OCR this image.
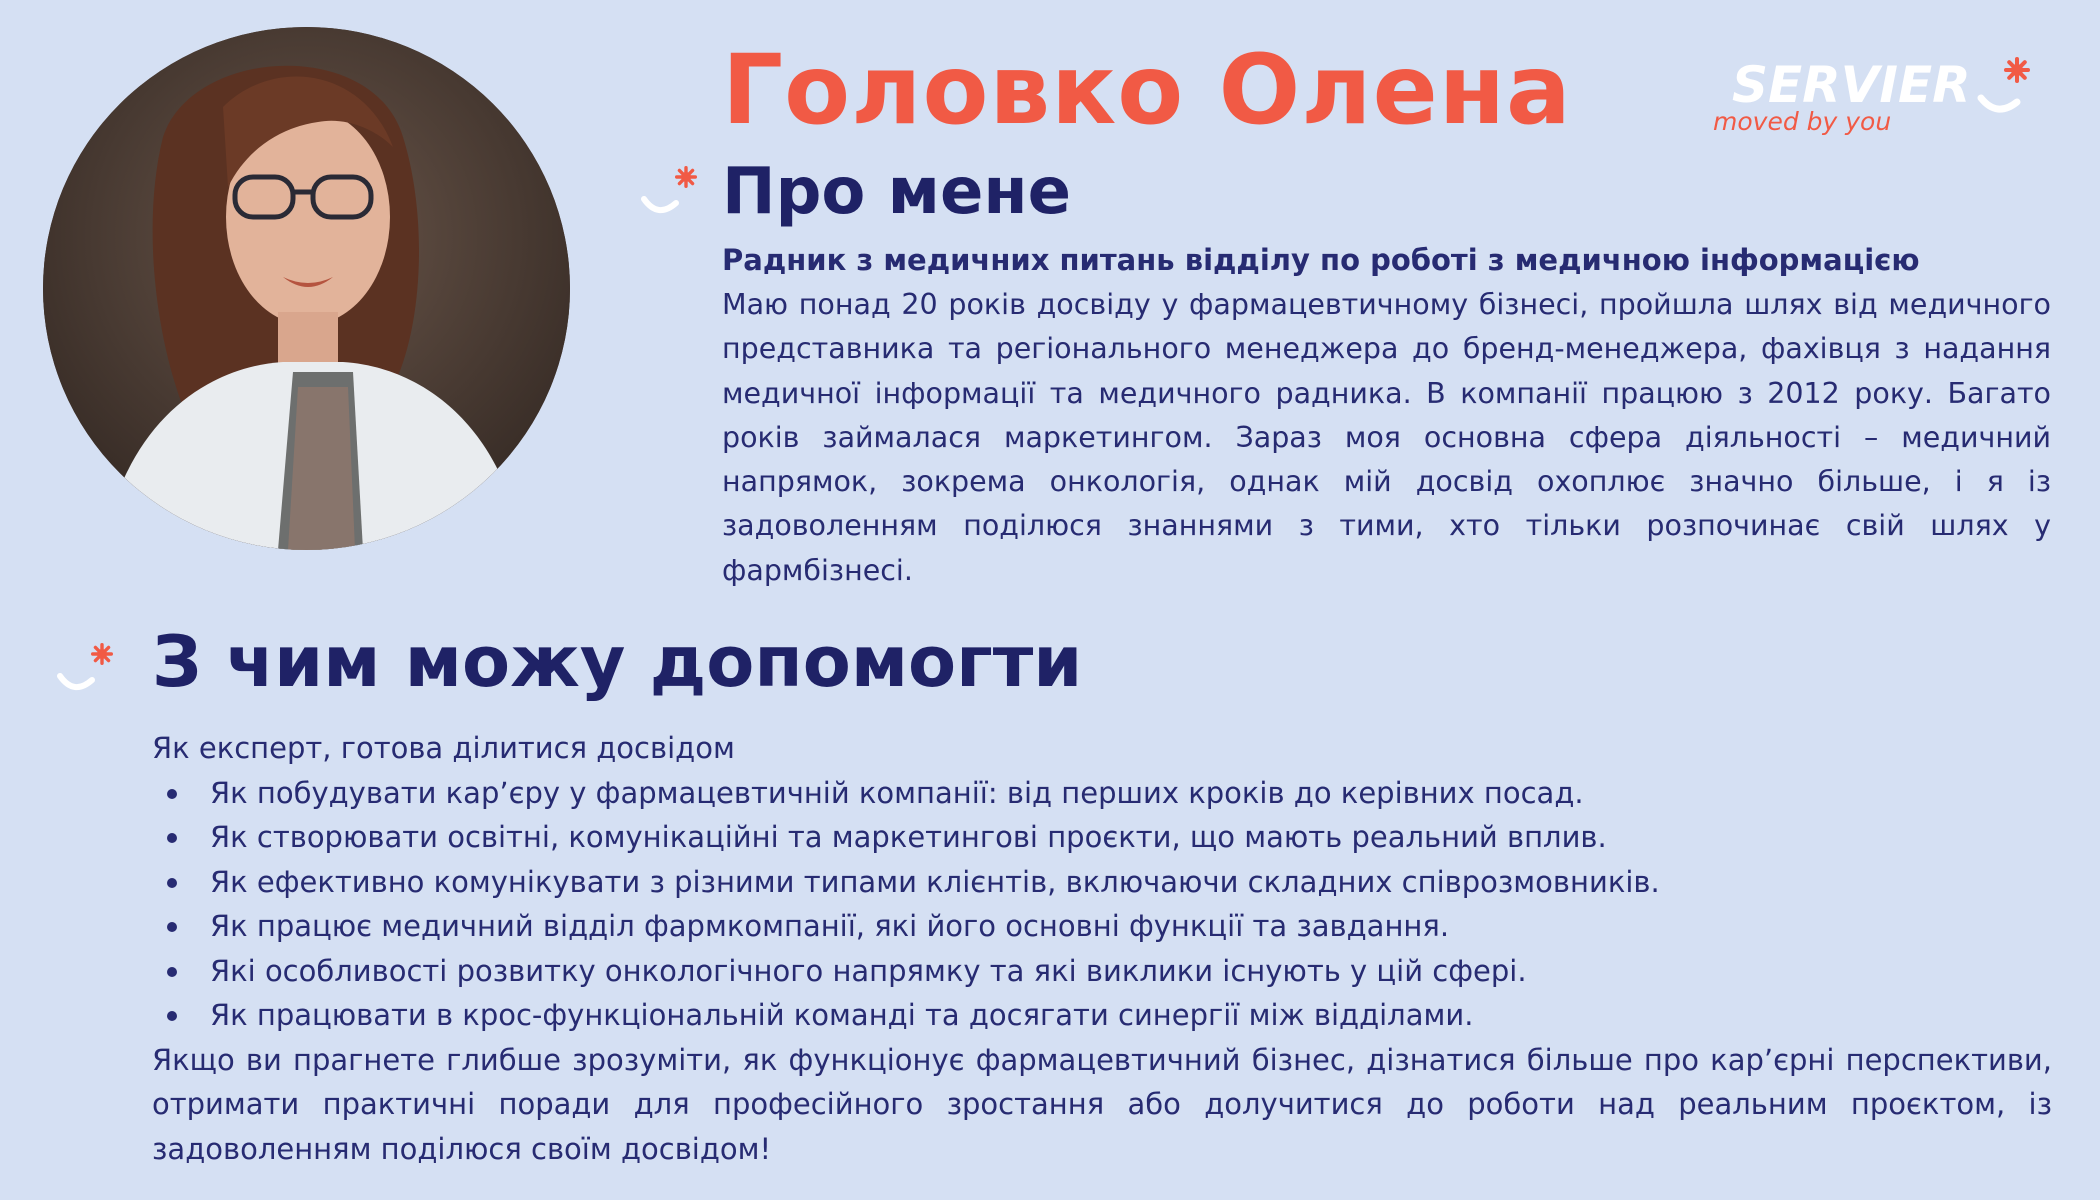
Головко Олена	SERVIER
moved by you
Про мене

Радник з медичних питань відділу по роботі з медичною інформацією

Маю понад 20 років досвіду у фармацевтичному бізнесі, пройшла шлях від медичного представника та регіонального менеджера до бренд-менеджера, фахівця з надання медичної інформації та медичного радника. В компанії працюю з 2012 року. Багато років займалася маркетингом. Зараз моя основна сфера діяльності – медичний напрямок, зокрема онкологія, однак мій досвід охоплює значно більше, і я із задоволенням поділюся знаннями з тими, хто тільки розпочинає свій шлях у фармбізнесі.

З чим можу допомогти

Як експерт, готова ділитися досвідом

Як побудувати кар’єру у фармацевтичній компанії: від перших кроків до керівних посад.
Як створювати освітні, комунікаційні та маркетингові проєкти, що мають реальний вплив.
Як ефективно комунікувати з різними типами клієнтів, включаючи складних співрозмовників.
Як працює медичний відділ фармкомпанії, які його основні функції та завдання.
Які особливості розвитку онкологічного напрямку та які виклики існують у цій сфері.
Як працювати в крос-функціональній команді та досягати синергії між відділами.

Якщо ви прагнете глибше зрозуміти, як функціонує фармацевтичний бізнес, дізнатися більше про кар’єрні перспективи, отримати практичні поради для професійного зростання або долучитися до роботи над реальним проєктом, із задоволенням поділюся своїм досвідом!
